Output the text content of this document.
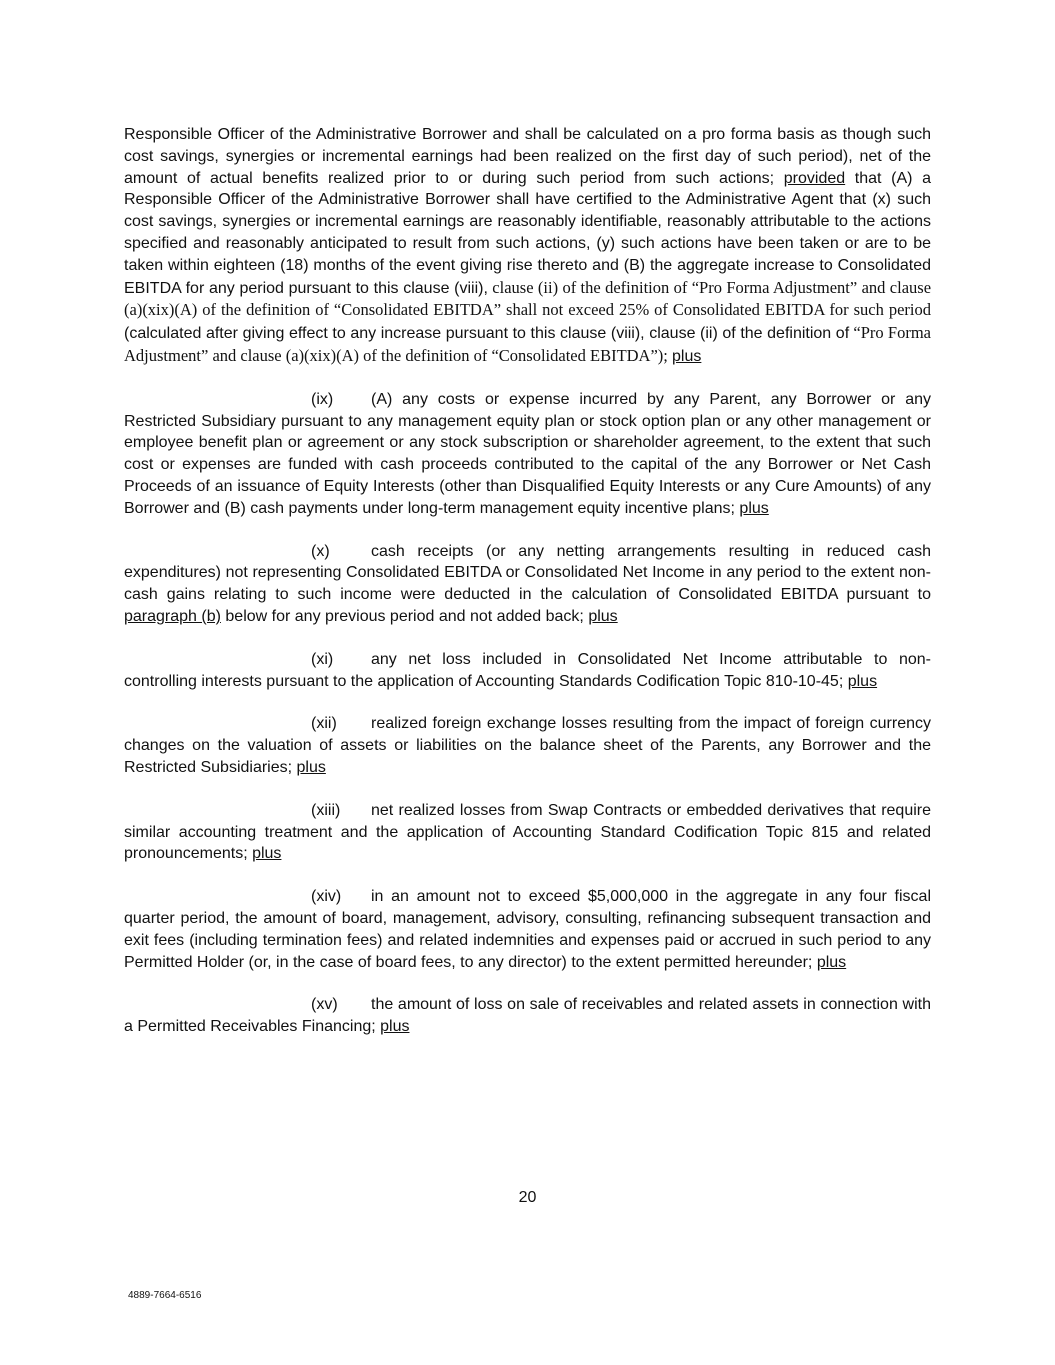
Responsible Officer of the Administrative Borrower and shall be calculated on a pro forma basis as though such cost savings, synergies or incremental earnings had been realized on the first day of such period), net of the amount of actual benefits realized prior to or during such period from such actions; provided that (A) a Responsible Officer of the Administrative Borrower shall have certified to the Administrative Agent that (x) such cost savings, synergies or incremental earnings are reasonably identifiable, reasonably attributable to the actions specified and reasonably anticipated to result from such actions, (y) such actions have been taken or are to be taken within eighteen (18) months of the event giving rise thereto and (B) the aggregate increase to Consolidated EBITDA for any period pursuant to this clause (viii), clause (ii) of the definition of “Pro Forma Adjustment” and clause (a)(xix)(A) of the definition of “Consolidated EBITDA” shall not exceed 25% of Consolidated EBITDA for such period (calculated after giving effect to any increase pursuant to this clause (viii), clause (ii) of the definition of “Pro Forma Adjustment” and clause (a)(xix)(A) of the definition of “Consolidated EBITDA”); plus

(ix) (A) any costs or expense incurred by any Parent, any Borrower or any Restricted Subsidiary pursuant to any management equity plan or stock option plan or any other management or employee benefit plan or agreement or any stock subscription or shareholder agreement, to the extent that such cost or expenses are funded with cash proceeds contributed to the capital of the any Borrower or Net Cash Proceeds of an issuance of Equity Interests (other than Disqualified Equity Interests or any Cure Amounts) of any Borrower and (B) cash payments under long-term management equity incentive plans; plus

(x)	cash receipts (or any netting arrangements resulting in reduced cash expenditures) not representing Consolidated EBITDA or Consolidated Net Income in any period to the extent non-cash gains relating to such income were deducted in the calculation of Consolidated EBITDA pursuant to paragraph (b) below for any previous period and not added back; plus

(xi) any net loss included in Consolidated Net Income attributable to non-controlling interests pursuant to the application of Accounting Standards Codification Topic 810-10-45; plus

(xii) realized foreign exchange losses resulting from the impact of foreign currency changes on the valuation of assets or liabilities on the balance sheet of the Parents, any Borrower and the Restricted Subsidiaries; plus

(xiii) net realized losses from Swap Contracts or embedded derivatives that require similar accounting treatment and the application of Accounting Standard Codification Topic 815 and related pronouncements; plus

(xiv) in an amount not to exceed $5,000,000 in the aggregate in any four fiscal quarter period, the amount of board, management, advisory, consulting, refinancing subsequent transaction and exit fees (including termination fees) and related indemnities and expenses paid or accrued in such period to any Permitted Holder (or, in the case of board fees, to any director) to the extent permitted hereunder; plus

(xv) the amount of loss on sale of receivables and related assets in connection with a Permitted Receivables Financing; plus

20
4889-7664-6516
